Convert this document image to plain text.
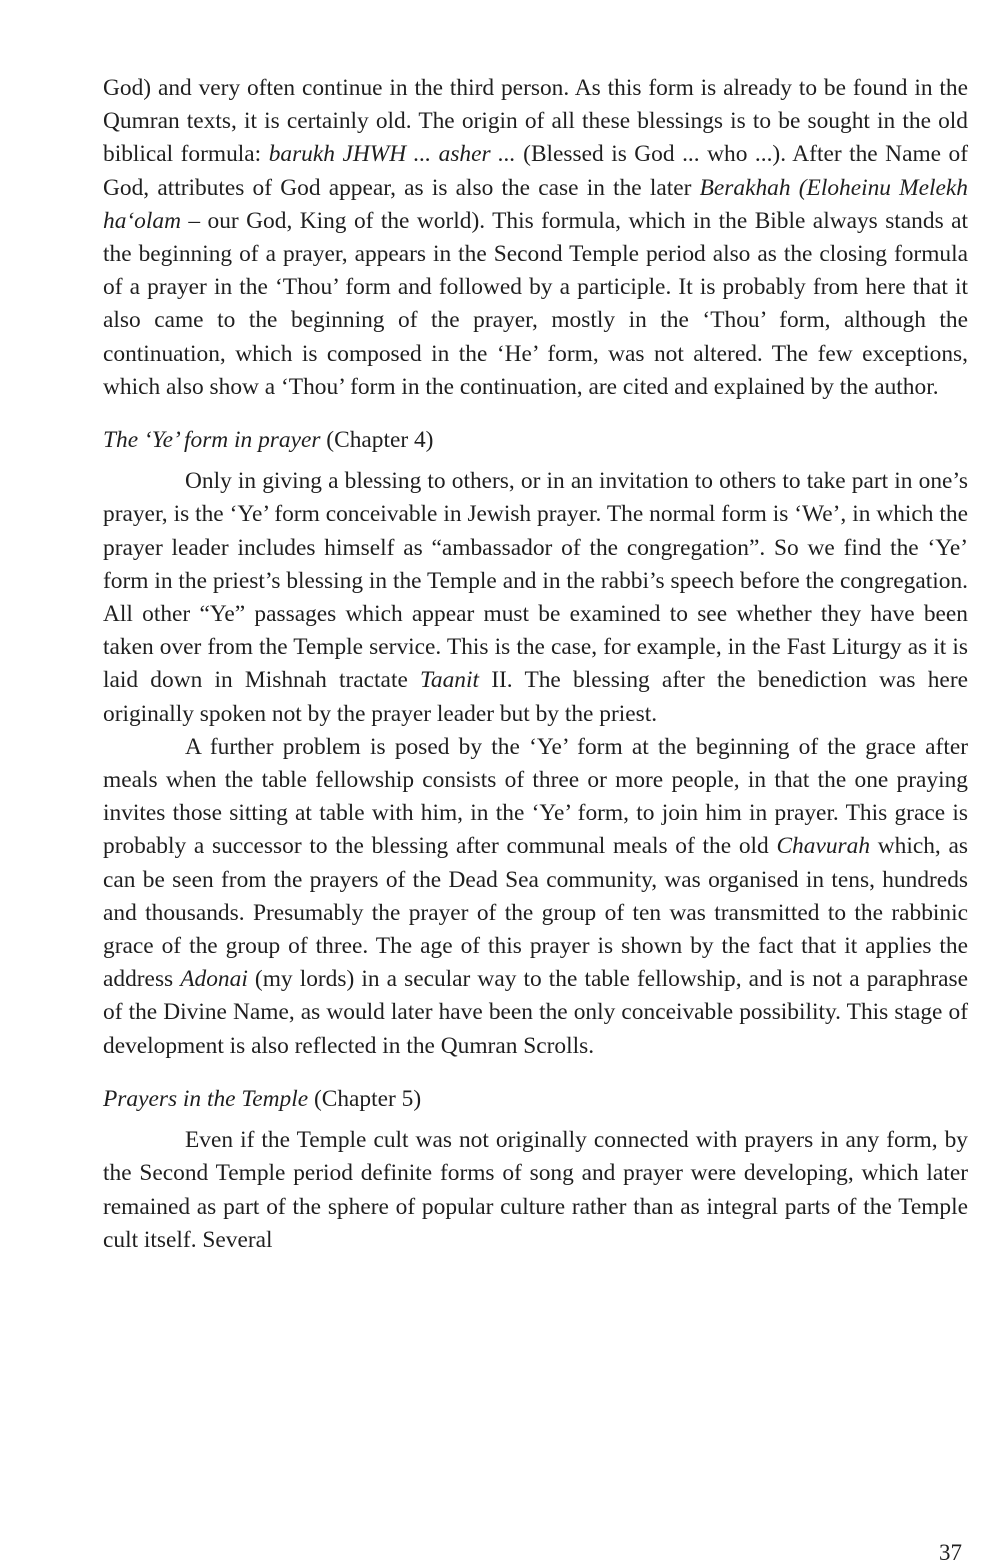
God) and very often continue in the third person. As this form is already to be found in the Qumran texts, it is certainly old. The origin of all these blessings is to be sought in the old biblical formula: barukh JHWH ... asher ... (Blessed is God ... who ...). After the Name of God, attributes of God appear, as is also the case in the later Berakhah (Eloheinu Melekh ha‘olam – our God, King of the world). This formula, which in the Bible always stands at the beginning of a prayer, appears in the Second Temple period also as the closing formula of a prayer in the ‘Thou’ form and followed by a participle. It is probably from here that it also came to the beginning of the prayer, mostly in the ‘Thou’ form, although the continuation, which is composed in the ‘He’ form, was not altered. The few exceptions, which also show a ‘Thou’ form in the continuation, are cited and explained by the author.

The ‘Ye’ form in prayer (Chapter 4)

Only in giving a blessing to others, or in an invitation to others to take part in one’s prayer, is the ‘Ye’ form conceivable in Jewish prayer. The normal form is ‘We’, in which the prayer leader includes himself as “ambassador of the congregation”. So we find the ‘Ye’ form in the priest’s blessing in the Temple and in the rabbi’s speech before the congregation. All other “Ye” passages which appear must be examined to see whether they have been taken over from the Temple service. This is the case, for example, in the Fast Liturgy as it is laid down in Mishnah tractate Taanit II. The blessing after the benediction was here originally spoken not by the prayer leader but by the priest.

A further problem is posed by the ‘Ye’ form at the beginning of the grace after meals when the table fellowship consists of three or more people, in that the one praying invites those sitting at table with him, in the ‘Ye’ form, to join him in prayer. This grace is probably a successor to the blessing after communal meals of the old Chavurah which, as can be seen from the prayers of the Dead Sea community, was organised in tens, hundreds and thousands. Presumably the prayer of the group of ten was transmitted to the rabbinic grace of the group of three. The age of this prayer is shown by the fact that it applies the address Adonai (my lords) in a secular way to the table fellowship, and is not a paraphrase of the Divine Name, as would later have been the only conceivable possibility. This stage of development is also reflected in the Qumran Scrolls.

Prayers in the Temple (Chapter 5)

Even if the Temple cult was not originally connected with prayers in any form, by the Second Temple period definite forms of song and prayer were developing, which later remained as part of the sphere of popular culture rather than as integral parts of the Temple cult itself. Several

37
